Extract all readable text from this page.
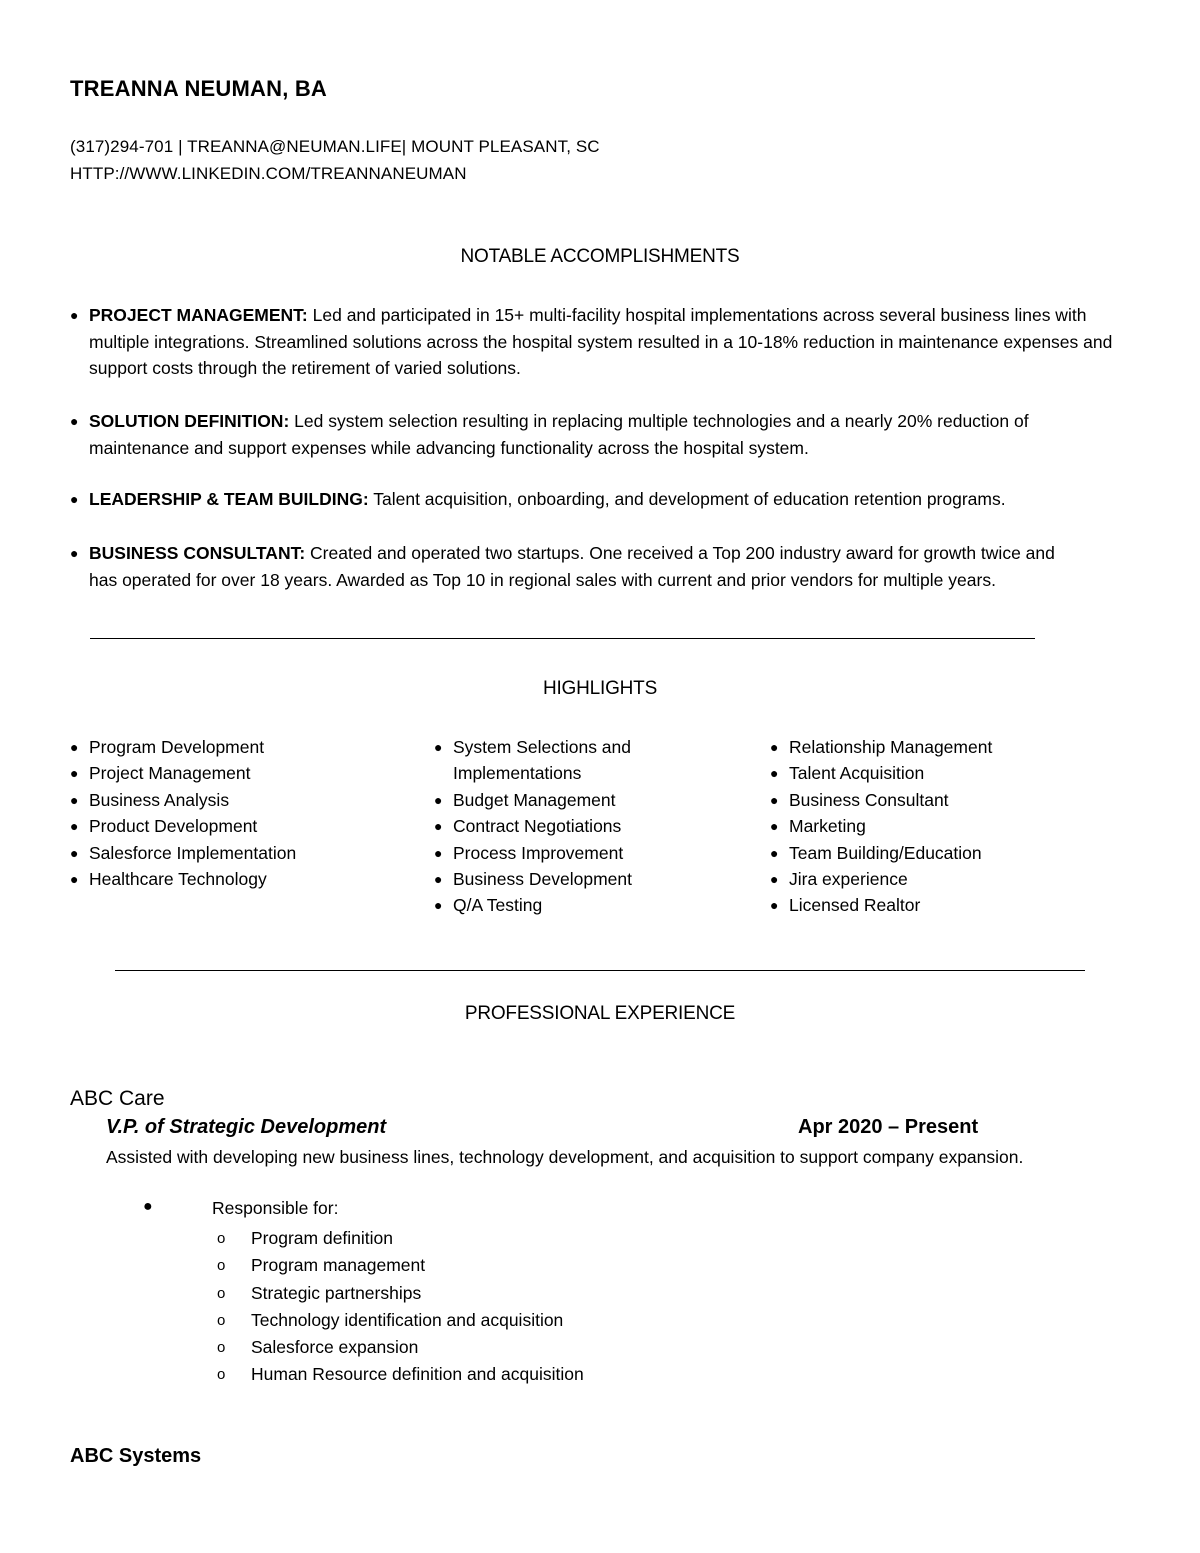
TREANNA NEUMAN, BA
(317)294-701 | TREANNA@NEUMAN.LIFE| MOUNT PLEASANT, SC
HTTP://WWW.LINKEDIN.COM/TREANNANEUMAN
NOTABLE ACCOMPLISHMENTS
● PROJECT MANAGEMENT: Led and participated in 15+ multi-facility hospital implementations across several business lines with multiple integrations. Streamlined solutions across the hospital system resulted in a 10-18% reduction in maintenance expenses and support costs through the retirement of varied solutions.
● SOLUTION DEFINITION: Led system selection resulting in replacing multiple technologies and a nearly 20% reduction of maintenance and support expenses while advancing functionality across the hospital system.
● LEADERSHIP & TEAM BUILDING: Talent acquisition, onboarding, and development of education retention programs.
● BUSINESS CONSULTANT: Created and operated two startups. One received a Top 200 industry award for growth twice and has operated for over 18 years. Awarded as Top 10 in regional sales with current and prior vendors for multiple years.
HIGHLIGHTS
● Program Development
● Project Management
● Business Analysis
● Product Development
● Salesforce Implementation
● Healthcare Technology
● System Selections and
Implementations
● Budget Management
● Contract Negotiations
● Process Improvement
● Business Development
● Q/A Testing
● Relationship Management
● Talent Acquisition
● Business Consultant
● Marketing
● Team Building/Education
● Jira experience
● Licensed Realtor
PROFESSIONAL EXPERIENCE
ABC Care
V.P. of Strategic Development	Apr 2020 – Present
Assisted with developing new business lines, technology development, and acquisition to support company expansion.
●	Responsible for:
o Program definition
o Program management
o Strategic partnerships
o Technology identification and acquisition
o Salesforce expansion
o Human Resource definition and acquisition
ABC Systems
